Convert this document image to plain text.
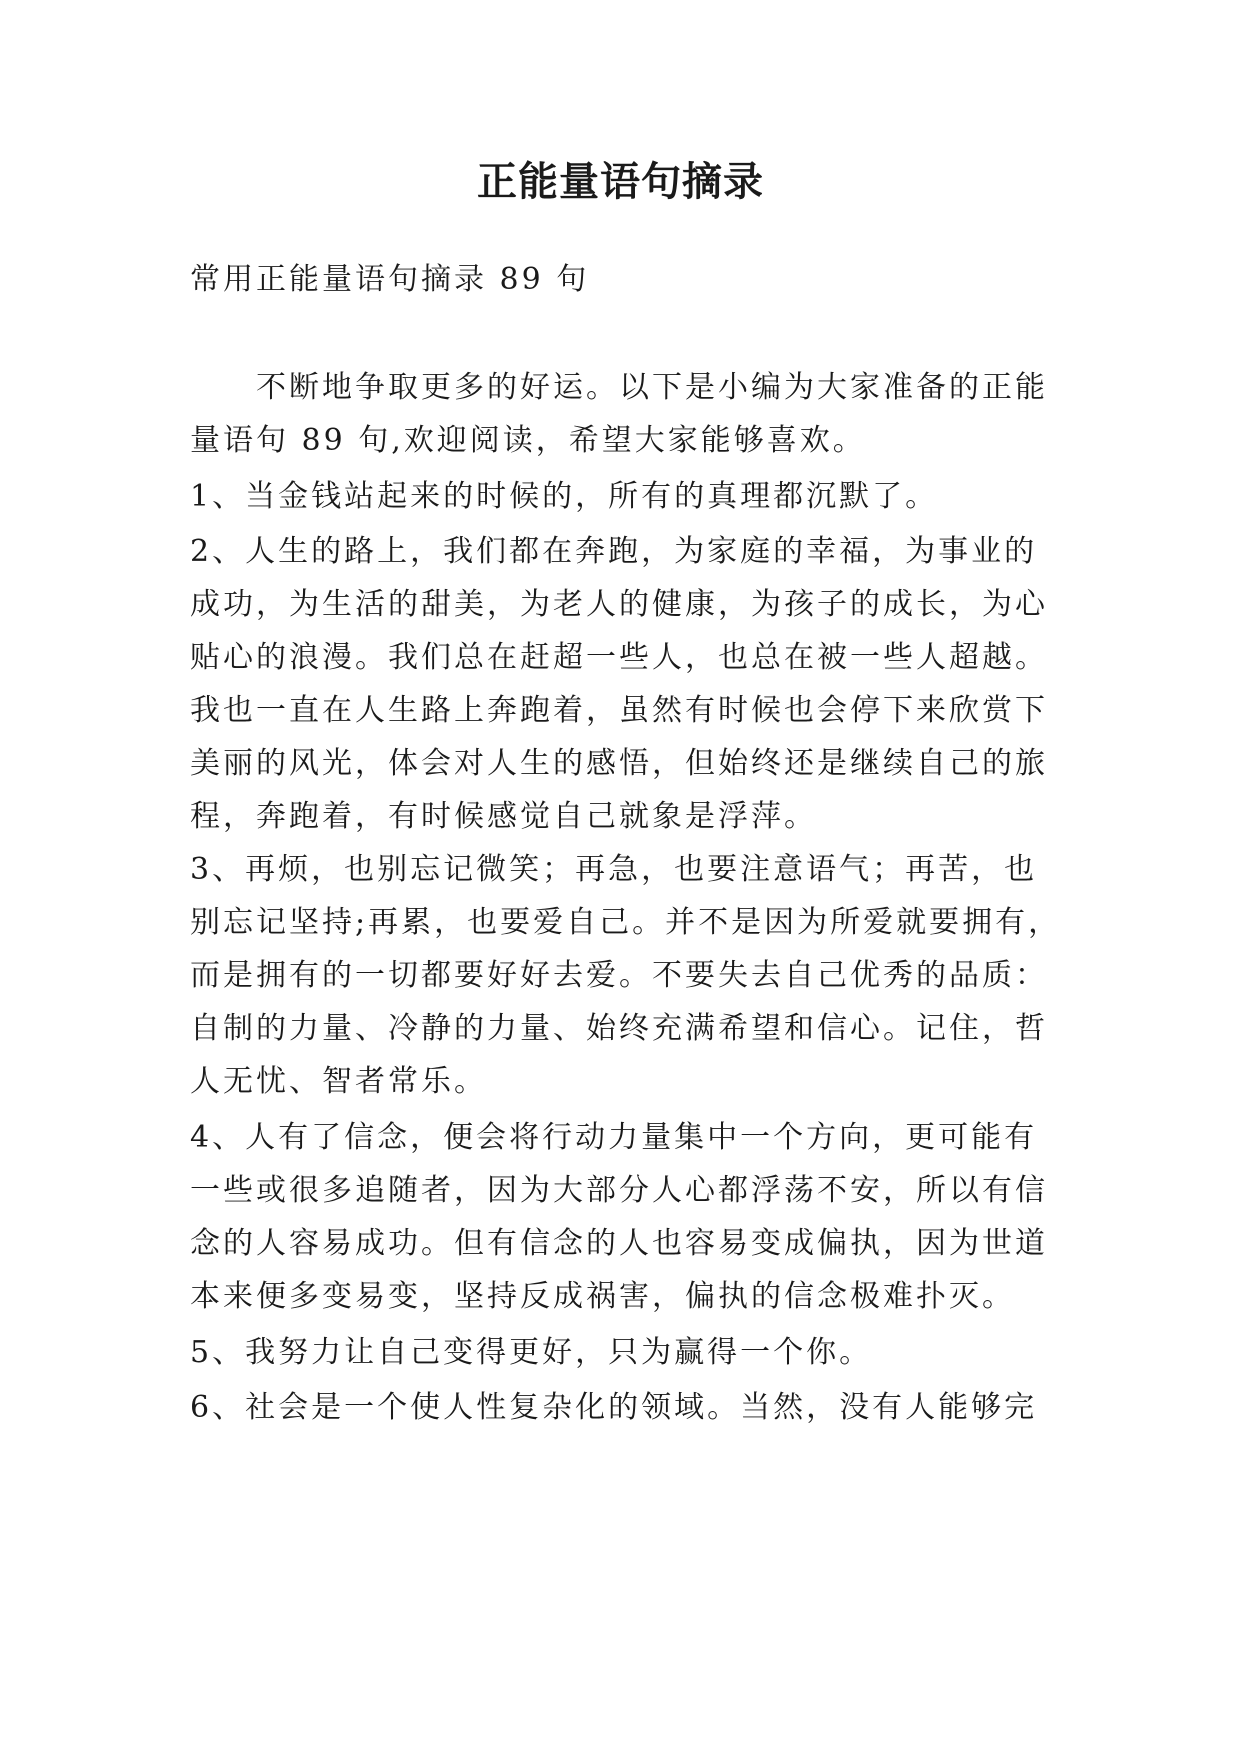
正能量语句摘录
常用正能量语句摘录 89 句
　　不断地争取更多的好运。以下是小编为大家准备的正能
量语句 89 句,欢迎阅读，希望大家能够喜欢。
1、当金钱站起来的时候的，所有的真理都沉默了。
2、人生的路上，我们都在奔跑，为家庭的幸福，为事业的
成功，为生活的甜美，为老人的健康，为孩子的成长，为心
贴心的浪漫。我们总在赶超一些人，也总在被一些人超越。
我也一直在人生路上奔跑着，虽然有时候也会停下来欣赏下
美丽的风光，体会对人生的感悟，但始终还是继续自己的旅
程，奔跑着，有时候感觉自己就象是浮萍。
3、再烦，也别忘记微笑；再急，也要注意语气；再苦，也
别忘记坚持;再累，也要爱自己。并不是因为所爱就要拥有，
而是拥有的一切都要好好去爱。不要失去自己优秀的品质：
自制的力量、冷静的力量、始终充满希望和信心。记住，哲
人无忧、智者常乐。
4、人有了信念，便会将行动力量集中一个方向，更可能有
一些或很多追随者，因为大部分人心都浮荡不安，所以有信
念的人容易成功。但有信念的人也容易变成偏执，因为世道
本来便多变易变，坚持反成祸害，偏执的信念极难扑灭。
5、我努力让自己变得更好，只为赢得一个你。
6、社会是一个使人性复杂化的领域。当然，没有人能够完
